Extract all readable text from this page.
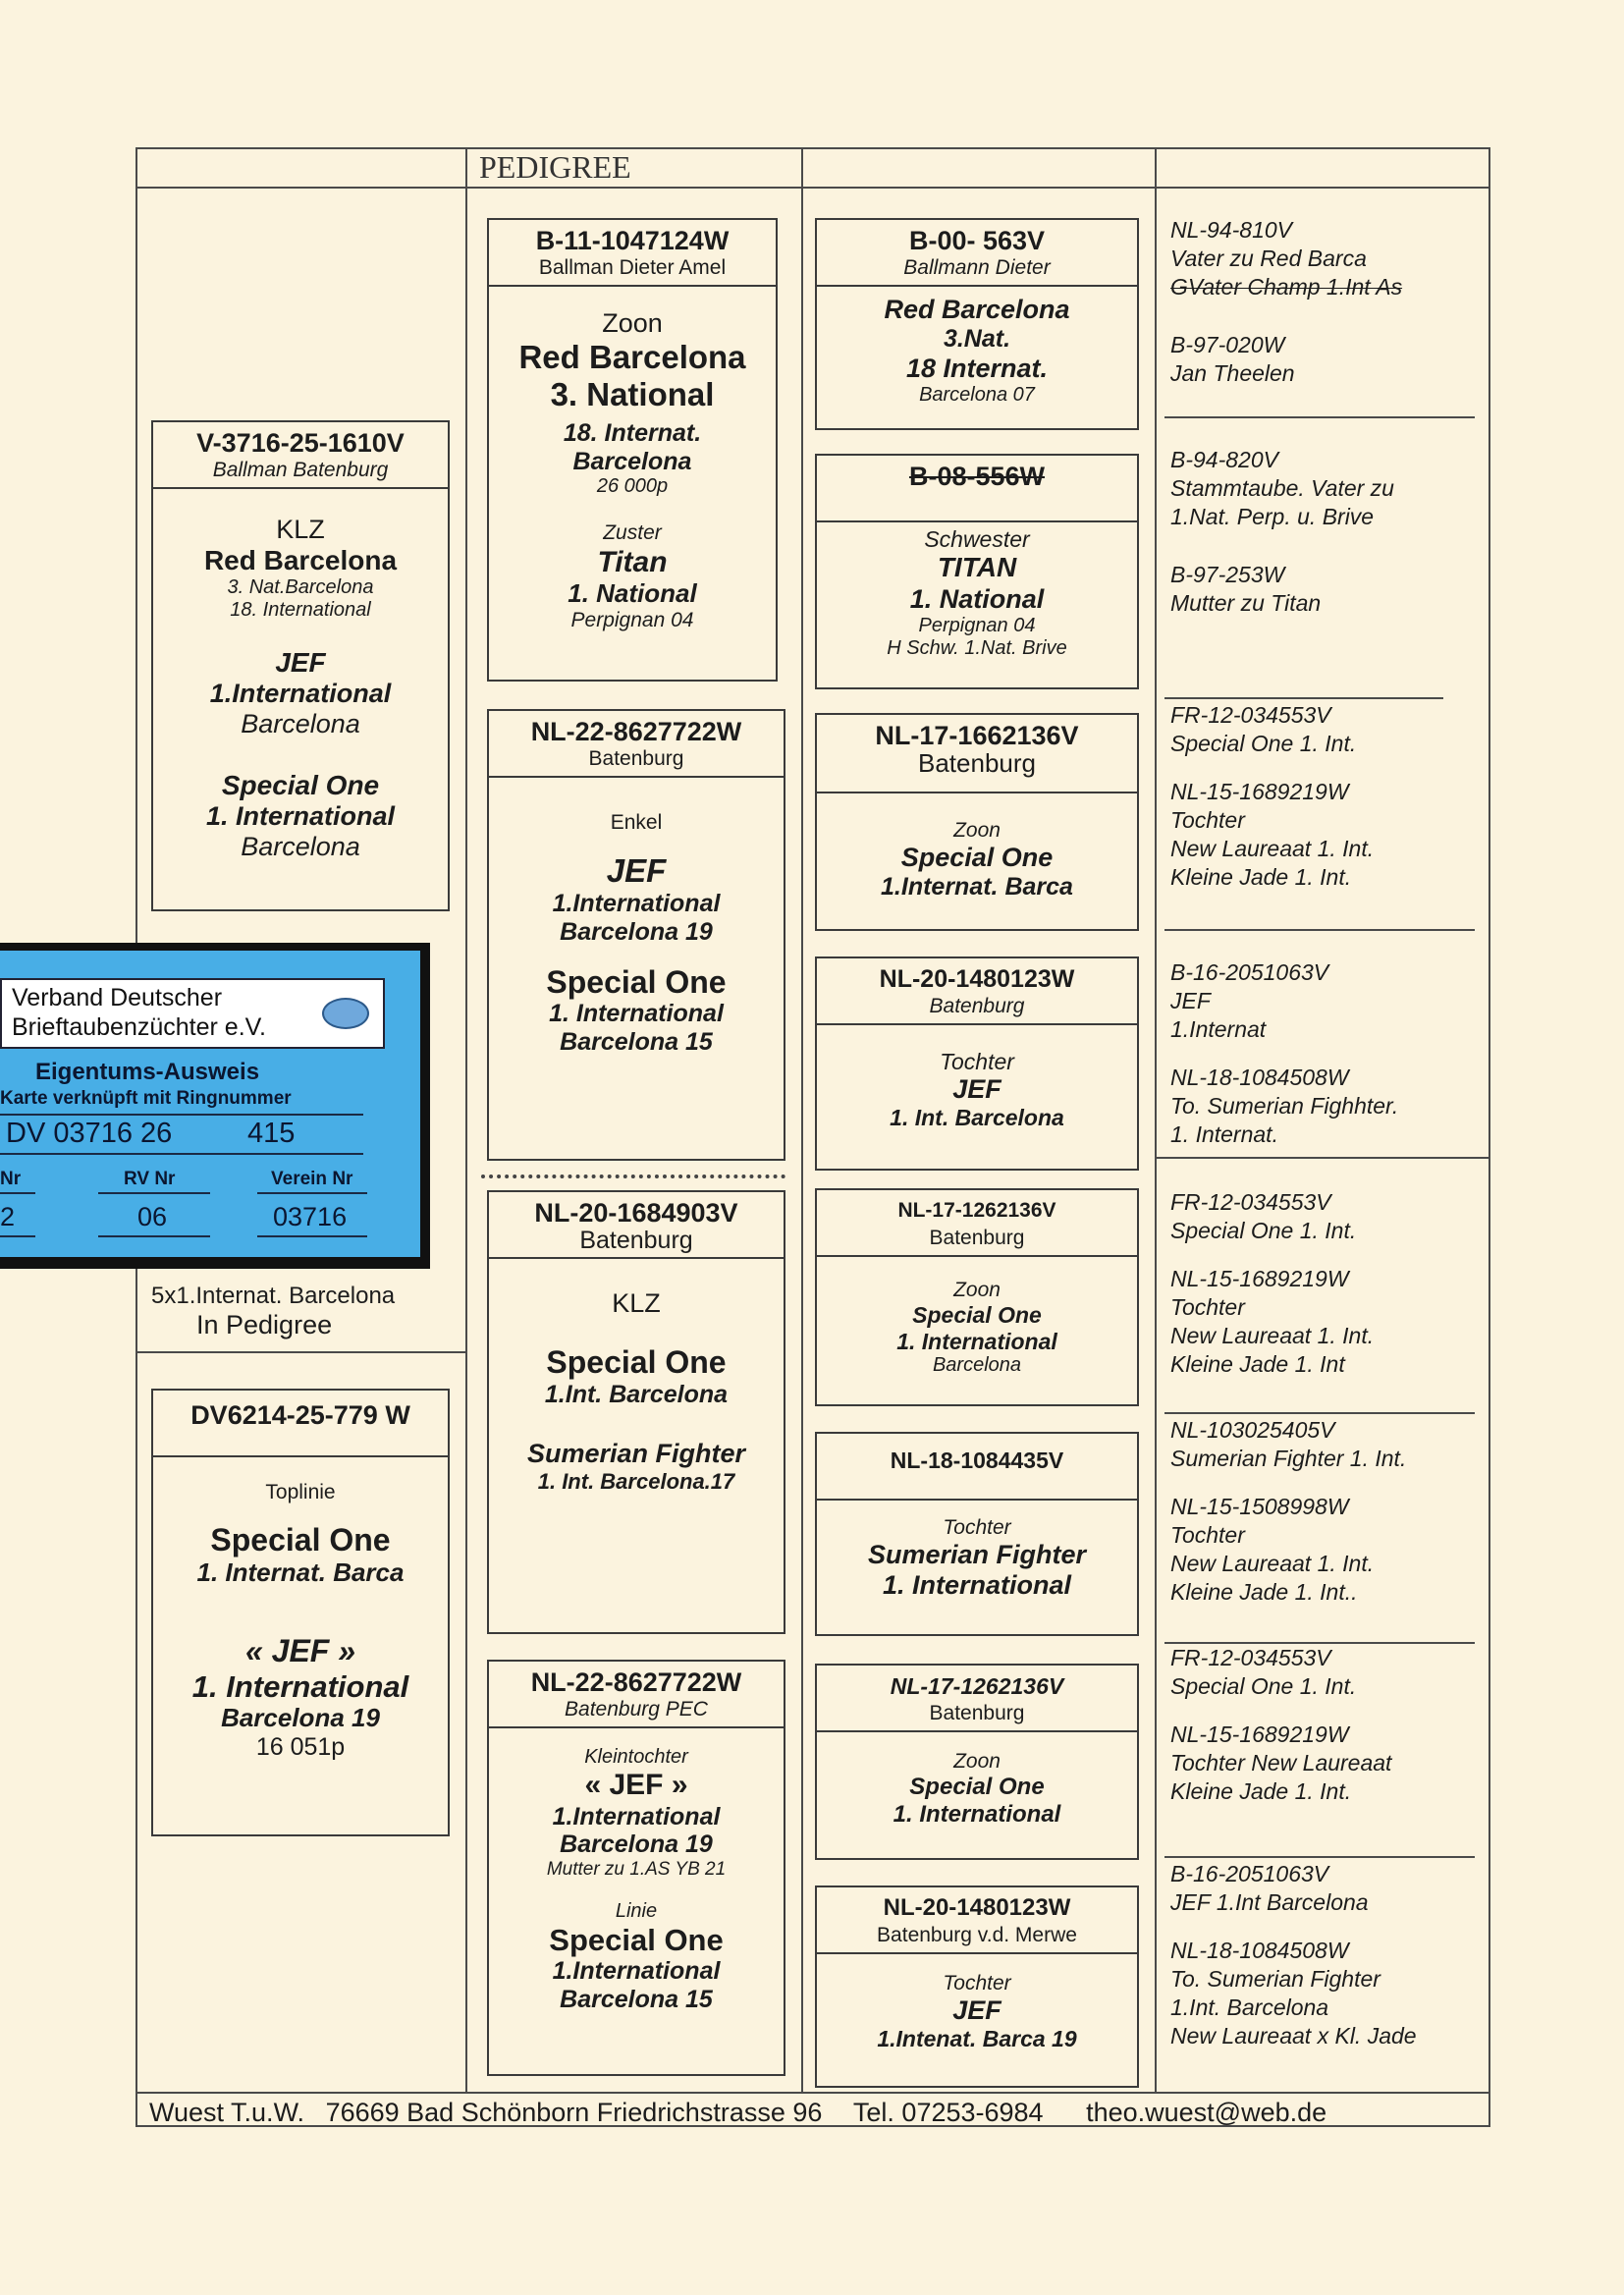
PEDIGREE
V-3716-25-1610V
Ballman Batenburg
KLZ
Red Barcelona
3. Nat.Barcelona
18. International
JEF
1.International
Barcelona
Special One
1. International
Barcelona
5x1.Internat. Barcelona
In Pedigree
DV6214-25-779 W
Toplinie
Special One
1. Internat. Barca
« JEF »
1. International
Barcelona 19
16 051p
B-11-1047124W
Ballman Dieter Amel
Zoon
Red Barcelona
3. National
18. Internat.
Barcelona
26 000p
Zuster
Titan
1. National
Perpignan 04
NL-22-8627722W
Batenburg
Enkel
JEF
1.International
Barcelona 19
Special One
1. International
Barcelona 15
NL-20-1684903V
Batenburg
KLZ
Special One
1.Int. Barcelona
Sumerian Fighter
1. Int. Barcelona.17
NL-22-8627722W
Batenburg PEC
Kleintochter
« JEF »
1.International
Barcelona 19
Mutter zu 1.AS YB 21
Linie
Special One
1.International
Barcelona 15
B-00- 563V
Ballmann Dieter
Red Barcelona
3.Nat.
18 Internat.
Barcelona 07
B-08-556W
Schwester
TITAN
1. National
Perpignan 04
H Schw. 1.Nat. Brive
NL-17-1662136V
Batenburg
Zoon
Special One
1.Internat. Barca
NL-20-1480123W
Batenburg
Tochter
JEF
1. Int. Barcelona
NL-17-1262136V
Batenburg
Zoon
Special One
1. International
Barcelona
NL-18-1084435V
Tochter
Sumerian Fighter
1. International
NL-17-1262136V
Batenburg
Zoon
Special One
1. International
NL-20-1480123W
Batenburg v.d. Merwe
Tochter
JEF
1.Intenat. Barca 19
NL-94-810V
Vater zu Red Barca
GVater Champ 1.Int As
B-97-020W
Jan Theelen
B-94-820V
Stammtaube. Vater zu
1.Nat. Perp. u. Brive
B-97-253W
Mutter zu Titan
FR-12-034553V
Special One 1. Int.
NL-15-1689219W
Tochter
New Laureaat 1. Int.
Kleine Jade 1. Int.
B-16-2051063V
JEF
1.Internat
NL-18-1084508W
To. Sumerian Fighhter.
1. Internat.
FR-12-034553V
Special One 1. Int.
NL-15-1689219W
Tochter
New Laureaat 1. Int.
Kleine Jade 1. Int
NL-103025405V
Sumerian Fighter 1. Int.
NL-15-1508998W
Tochter
New Laureaat 1. Int.
Kleine Jade 1. Int..
FR-12-034553V
Special One 1. Int.
NL-15-1689219W
Tochter New Laureaat
Kleine Jade 1. Int.
B-16-2051063V
JEF 1.Int Barcelona
NL-18-1084508W
To. Sumerian Fighter
1.Int. Barcelona
New Laureaat x Kl. Jade
Verband Deutscher
Brieftaubenzüchter e.V.
Eigentums-Ausweis
Karte verknüpft mit Ringnummer
DV 03716 26	415
Nr	RV Nr	Verein Nr
2	06	03716
Wuest T.u.W. 76669 Bad Schönborn Friedrichstrasse 96 Tel. 07253-6984 theo.wuest@web.de
